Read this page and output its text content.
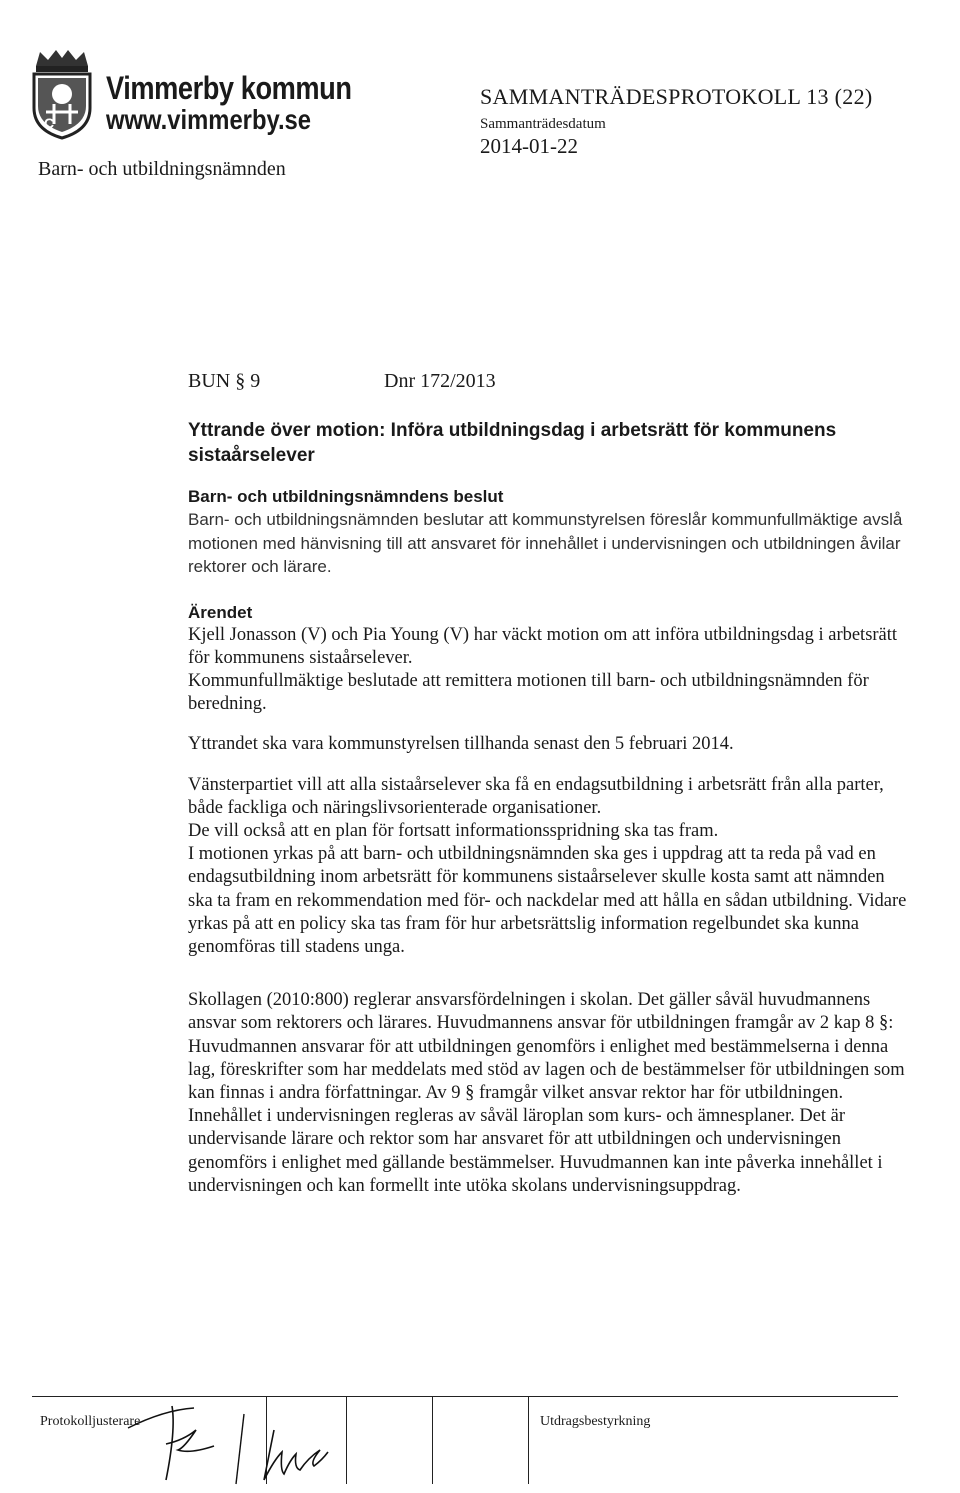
C
Vimmerby kommun
www.vimmerby.se
Barn- och utbildningsnämnden
SAMMANTRÄDESPROTOKOLL 13 (22)
Sammanträdesdatum
2014-01-22
BUN § 9	Dnr 172/2013
Yttrande över motion: Införa utbildningsdag i arbetsrätt för kommunens sistaårselever
Barn- och utbildningsnämndens beslut

Barn- och utbildningsnämnden beslutar att kommunstyrelsen föreslår kommunfullmäktige avslå motionen med hänvisning till att ansvaret för innehållet i undervisningen och utbildningen åvilar rektorer och lärare.

Ärendet

Kjell Jonasson (V) och Pia Young (V) har väckt motion om att införa utbildningsdag i arbetsrätt för kommunens sistaårselever.

Kommunfullmäktige beslutade att remittera motionen till barn- och utbildningsnämnden för beredning.

Yttrandet ska vara kommunstyrelsen tillhanda senast den 5 februari 2014.

Vänsterpartiet vill att alla sistaårselever ska få en endagsutbildning i arbetsrätt från alla parter, både fackliga och näringslivsorienterade organisationer.

De vill också att en plan för fortsatt informationsspridning ska tas fram.

I motionen yrkas på att barn- och utbildningsnämnden ska ges i uppdrag att ta reda på vad en endagsutbildning inom arbetsrätt för kommunens sistaårselever skulle kosta samt att nämnden ska ta fram en rekommendation med för- och nackdelar med att hålla en sådan utbildning. Vidare yrkas på att en policy ska tas fram för hur arbetsrättslig information regelbundet ska kunna genomföras till stadens unga.

Skollagen (2010:800) reglerar ansvarsfördelningen i skolan. Det gäller såväl huvudmannens ansvar som rektorers och lärares. Huvudmannens ansvar för utbildningen framgår av 2 kap 8 §: Huvudmannen ansvarar för att utbildningen genomförs i enlighet med bestämmelserna i denna lag, föreskrifter som har meddelats med stöd av lagen och de bestämmelser för utbildningen som kan finnas i andra författningar. Av 9 § framgår vilket ansvar rektor har för utbildningen. Innehållet i undervisningen regleras av såväl läroplan som kurs- och ämnesplaner. Det är undervisande lärare och rektor som har ansvaret för att utbildningen och undervisningen genomförs i enlighet med gällande bestämmelser. Huvudmannen kan inte påverka innehållet i undervisningen och kan formellt inte utöka skolans undervisningsuppdrag.

Protokolljusterare	Utdragsbestyrkning
